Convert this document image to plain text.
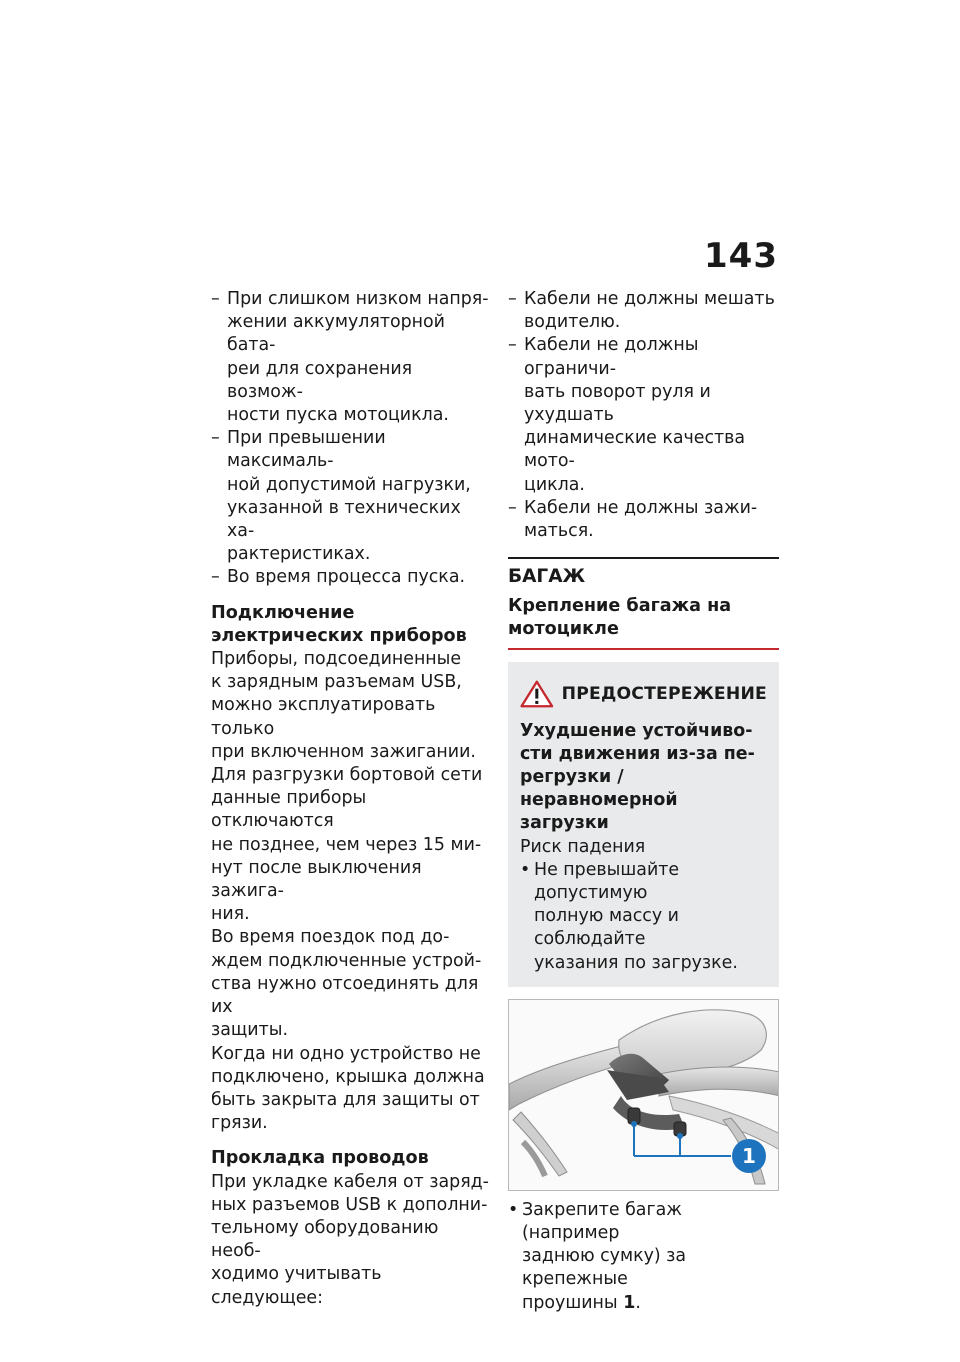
143
– При слишком низком напря-
жении аккумуляторной бата-
реи для сохранения возмож-
ности пуска мотоцикла.
– При превышении максималь-
ной допустимой нагрузки,
указанной в технических ха-
рактеристиках.
– Во время процесса пуска.
Подключение
электрических приборов
Приборы, подсоединенные
к зарядным разъемам USB,
можно эксплуатировать только
при включенном зажигании.
Для разгрузки бортовой сети
данные приборы отключаются
не позднее, чем через 15 ми-
нут после выключения зажига-
ния.
Во время поездок под до-
ждем подключенные устрой-
ства нужно отсоединять для их
защиты.
Когда ни одно устройство не
подключено, крышка должна
быть закрыта для защиты от
грязи.
Прокладка проводов
При укладке кабеля от заряд-
ных разъемов USB к дополни-
тельному оборудованию необ-
ходимо учитывать следующее:
– Кабели не должны мешать
водителю.
– Кабели не должны ограничи-
вать поворот руля и ухудшать
динамические качества мото-
цикла.
– Кабели не должны зажи-
маться.
БАГАЖ
Крепление багажа на
мотоцикле
ПРЕДОСТЕРЕЖЕНИЕ
Ухудшение устойчиво-
сти движения из-за пе-
регрузки / неравномерной
загрузки
Риск падения
• Не превышайте допустимую
полную массу и соблюдайте
указания по загрузке.
1
• Закрепите багаж (например
заднюю сумку) за крепежные
проушины 1.
